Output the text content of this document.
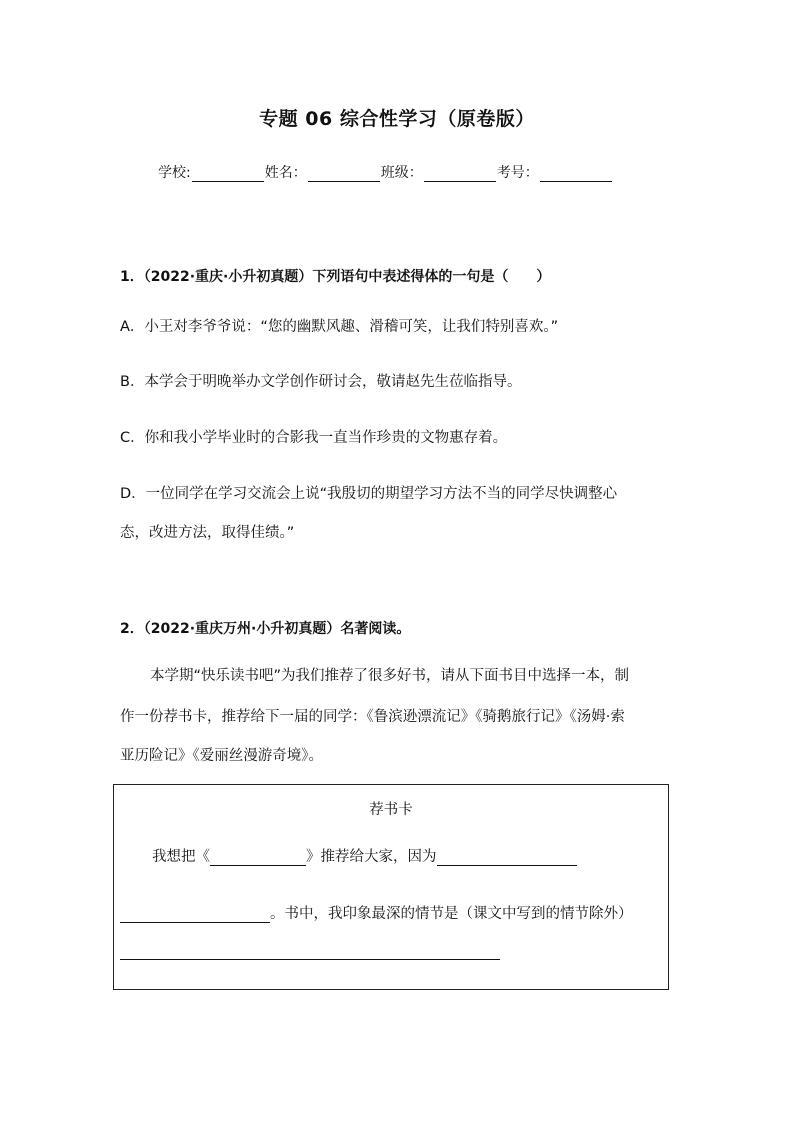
专题 06 综合性学习（原卷版）
学校:	姓名：	班级：	考号：
1．（2022·重庆·小升初真题）下列语句中表述得体的一句是（　　）
A．小王对李爷爷说：“您的幽默风趣、滑稽可笑，让我们特别喜欢。”
B．本学会于明晚举办文学创作研讨会，敬请赵先生莅临指导。
C．你和我小学毕业时的合影我一直当作珍贵的文物惠存着。
D．一位同学在学习交流会上说“我殷切的期望学习方法不当的同学尽快调整心
态，改进方法，取得佳绩。”
2．（2022·重庆万州·小升初真题）名著阅读。
本学期“快乐读书吧”为我们推荐了很多好书，请从下面书目中选择一本，制
作一份荐书卡，推荐给下一届的同学：《鲁滨逊漂流记》《骑鹅旅行记》《汤姆·索
亚历险记》《爱丽丝漫游奇境》。
荐书卡
我想把《	》推荐给大家，因为
。书中，我印象最深的情节是（课文中写到的情节除外）
